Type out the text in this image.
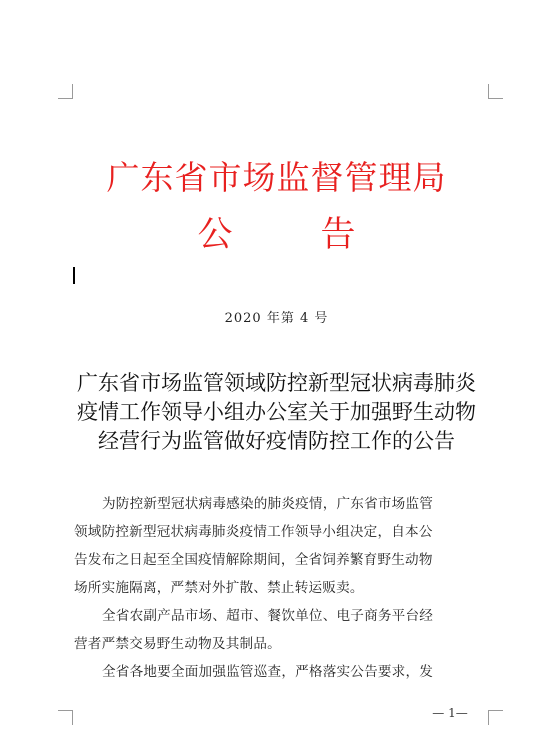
广东省市场监督管理局
公	告
2020 年第 4 号
广东省市场监管领域防控新型冠状病毒肺炎
疫情工作领导小组办公室关于加强野生动物
经营行为监管做好疫情防控工作的公告
为防控新型冠状病毒感染的肺炎疫情，广东省市场监管
领域防控新型冠状病毒肺炎疫情工作领导小组决定，自本公
告发布之日起至全国疫情解除期间，全省饲养繁育野生动物
场所实施隔离，严禁对外扩散、禁止转运贩卖。
全省农副产品市场、超市、餐饮单位、电子商务平台经
营者严禁交易野生动物及其制品。
全省各地要全面加强监管巡查，严格落实公告要求，发
— 1—
